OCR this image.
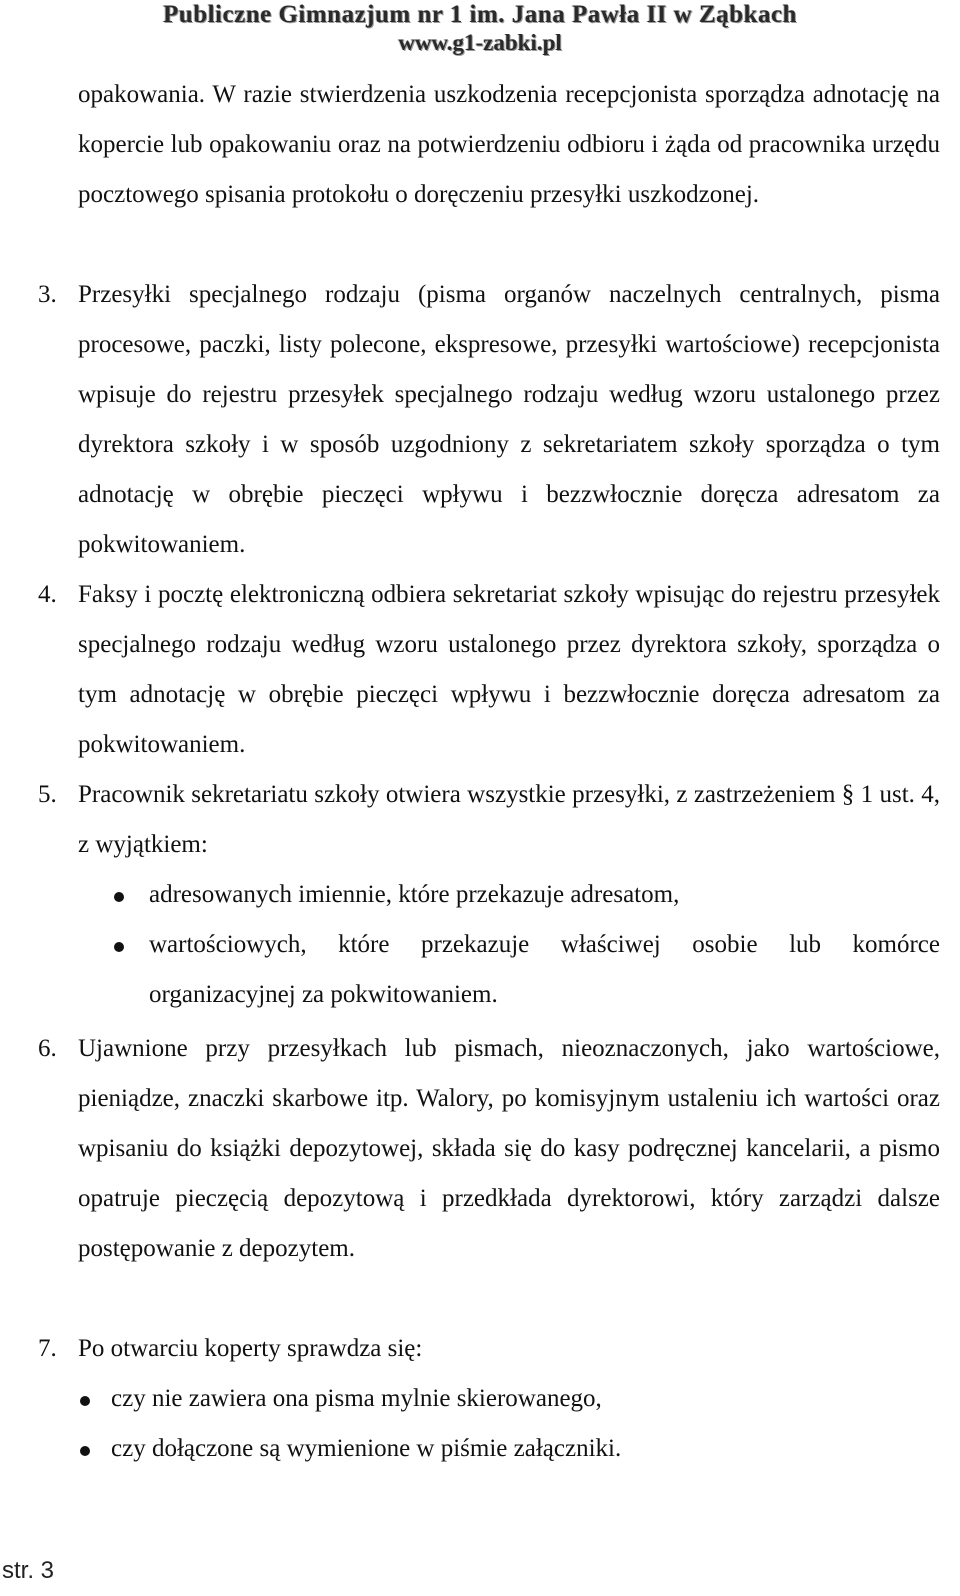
Publiczne Gimnazjum nr 1 im. Jana Pawła II w Ząbkach
www.g1-zabki.pl
opakowania. W razie stwierdzenia uszkodzenia recepcjonista sporządza adnotację na kopercie lub opakowaniu oraz na potwierdzeniu odbioru i żąda od pracownika urzędu pocztowego spisania protokołu o doręczeniu przesyłki uszkodzonej.
3. Przesyłki specjalnego rodzaju (pisma organów naczelnych centralnych, pisma procesowe, paczki, listy polecone, ekspresowe, przesyłki wartościowe) recepcjonista wpisuje do rejestru przesyłek specjalnego rodzaju według wzoru ustalonego przez dyrektora szkoły i w sposób uzgodniony z sekretariatem szkoły sporządza o tym adnotację w obrębie pieczęci wpływu i bezzwłocznie doręcza adresatom za pokwitowaniem.
4. Faksy i pocztę elektroniczną odbiera sekretariat szkoły wpisując do rejestru przesyłek specjalnego rodzaju według wzoru ustalonego przez dyrektora szkoły, sporządza o tym adnotację w obrębie pieczęci wpływu i bezzwłocznie doręcza adresatom za pokwitowaniem.
5. Pracownik sekretariatu szkoły otwiera wszystkie przesyłki, z zastrzeżeniem § 1 ust. 4, z wyjątkiem:
adresowanych imiennie, które przekazuje adresatom,
wartościowych, które przekazuje właściwej osobie lub komórce organizacyjnej za pokwitowaniem.
6. Ujawnione przy przesyłkach lub pismach, nieoznaczonych, jako wartościowe, pieniądze, znaczki skarbowe itp. Walory, po komisyjnym ustaleniu ich wartości oraz wpisaniu do książki depozytowej, składa się do kasy podręcznej kancelarii, a pismo opatruje pieczęcią depozytową i przedkłada dyrektorowi, który zarządzi dalsze postępowanie z depozytem.
7. Po otwarciu koperty sprawdza się:
czy nie zawiera ona pisma mylnie skierowanego,
czy dołączone są wymienione w piśmie załączniki.
str. 3
